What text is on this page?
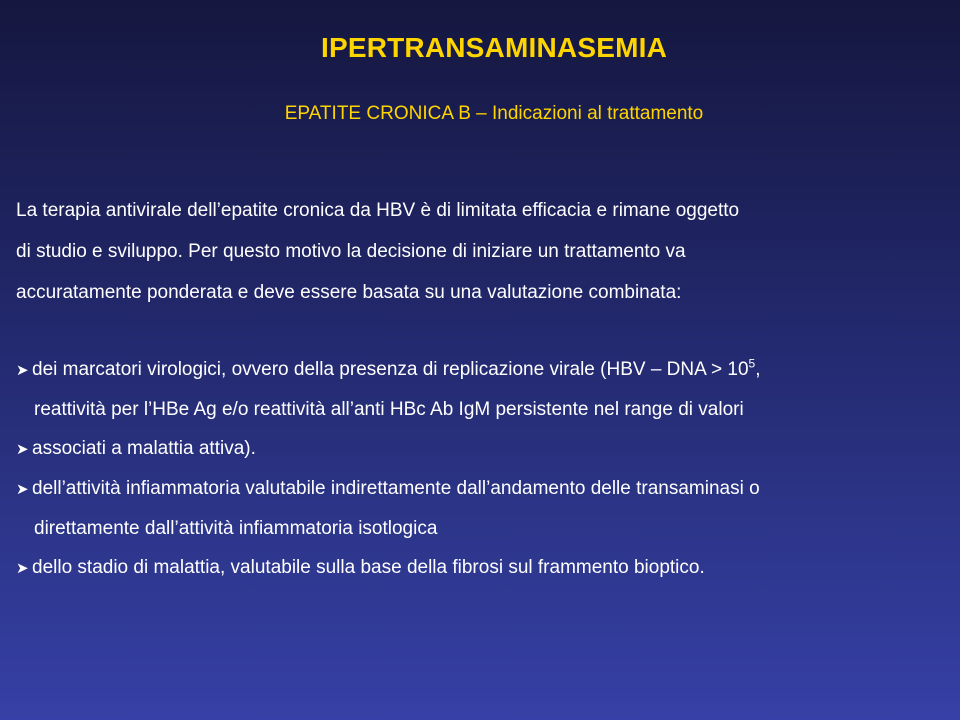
IPERTRANSAMINASEMIA
EPATITE CRONICA B – Indicazioni al trattamento
La terapia antivirale dell’epatite cronica da HBV è di limitata efficacia e rimane oggetto
di studio e sviluppo. Per questo motivo la decisione di iniziare un trattamento va
accuratamente ponderata e deve essere basata su una valutazione combinata:
➤ dei marcatori virologici, ovvero della presenza di replicazione virale (HBV – DNA > $10^5$,
reattività per l’HBe Ag e/o reattività all’anti HBc Ab IgM persistente nel range di valori
➤ associati a malattia attiva).
➤ dell’attività infiammatoria valutabile indirettamente dall’andamento delle transaminasi o
direttamente dall’attività infiammatoria isotlogica
➤ dello stadio di malattia, valutabile sulla base della fibrosi sul frammento bioptico.
